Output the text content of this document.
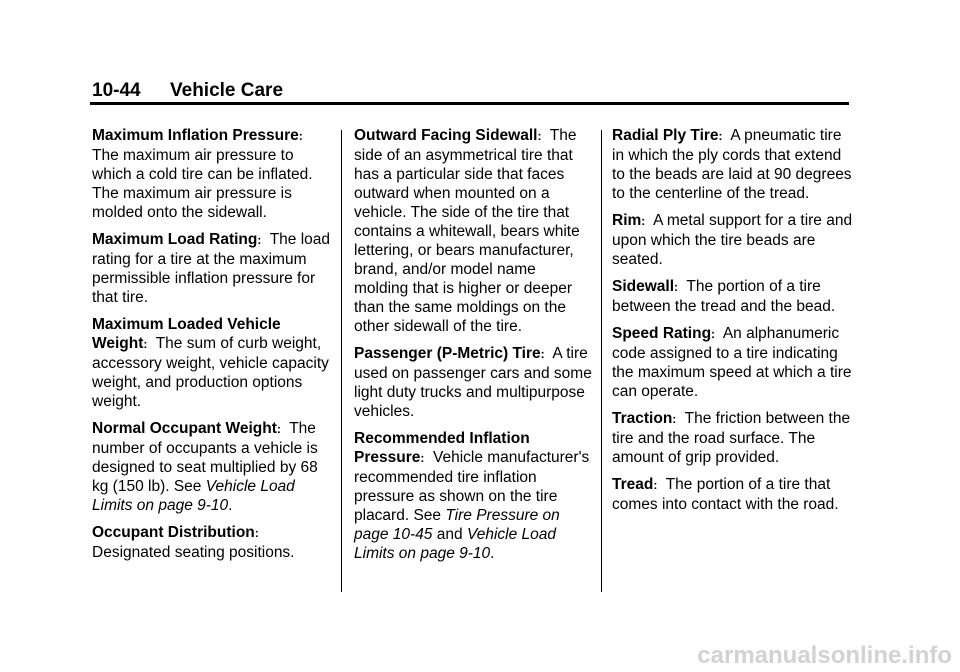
10-44 Vehicle Care

Maximum Inflation Pressure:
The maximum air pressure to which a cold tire can be inflated. The maximum air pressure is molded onto the sidewall.

Maximum Load Rating: The load rating for a tire at the maximum permissible inflation pressure for that tire.

Maximum Loaded Vehicle Weight: The sum of curb weight, accessory weight, vehicle capacity weight, and production options weight.

Normal Occupant Weight: The number of occupants a vehicle is designed to seat multiplied by 68 kg (150 lb). See Vehicle Load Limits on page 9-10.

Occupant Distribution:
Designated seating positions.

Outward Facing Sidewall: The side of an asymmetrical tire that has a particular side that faces outward when mounted on a vehicle. The side of the tire that contains a whitewall, bears white lettering, or bears manufacturer, brand, and/or model name molding that is higher or deeper than the same moldings on the other sidewall of the tire.

Passenger (P-Metric) Tire: A tire used on passenger cars and some light duty trucks and multipurpose vehicles.

Recommended Inflation Pressure: Vehicle manufacturer's recommended tire inflation pressure as shown on the tire placard. See Tire Pressure on page 10-45 and Vehicle Load Limits on page 9-10.

Radial Ply Tire: A pneumatic tire in which the ply cords that extend to the beads are laid at 90 degrees to the centerline of the tread.

Rim: A metal support for a tire and upon which the tire beads are seated.

Sidewall: The portion of a tire between the tread and the bead.

Speed Rating: An alphanumeric code assigned to a tire indicating the maximum speed at which a tire can operate.

Traction: The friction between the tire and the road surface. The amount of grip provided.

Tread: The portion of a tire that comes into contact with the road.

carmanualsonline.info
